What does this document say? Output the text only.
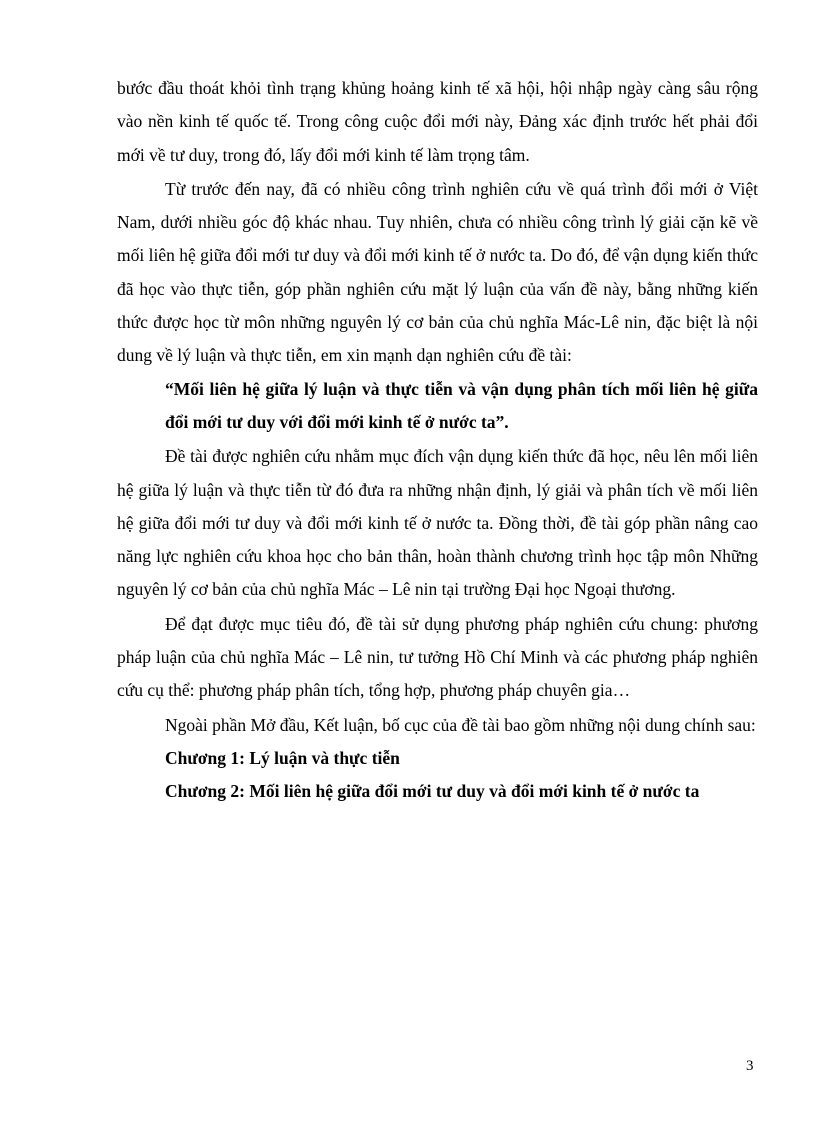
bước đầu thoát khỏi tình trạng khủng hoảng kinh tế xã hội, hội nhập ngày càng sâu rộng vào nền kinh tế quốc tế. Trong công cuộc đổi mới này, Đảng xác định trước hết phải đổi mới về tư duy, trong đó, lấy đổi mới kinh tế làm trọng tâm.

Từ trước đến nay, đã có nhiều công trình nghiên cứu về quá trình đổi mới ở Việt Nam, dưới nhiều góc độ khác nhau. Tuy nhiên, chưa có nhiều công trình lý giải cặn kẽ về mối liên hệ giữa đổi mới tư duy và đổi mới kinh tế ở nước ta. Do đó, để vận dụng kiến thức đã học vào thực tiễn, góp phần nghiên cứu mặt lý luận của vấn đề này, bằng những kiến thức được học từ môn những nguyên lý cơ bản của chủ nghĩa Mác-Lê nin, đặc biệt là nội dung về lý luận và thực tiễn, em xin mạnh dạn nghiên cứu đề tài:

“Mối liên hệ giữa lý luận và thực tiễn và vận dụng phân tích mối liên hệ giữa đổi mới tư duy với đổi mới kinh tế ở nước ta”.

Đề tài được nghiên cứu nhằm mục đích vận dụng kiến thức đã học, nêu lên mối liên hệ giữa lý luận và thực tiễn từ đó đưa ra những nhận định, lý giải và phân tích về mối liên hệ giữa đổi mới tư duy và đổi mới kinh tế ở nước ta. Đồng thời, đề tài góp phần nâng cao năng lực nghiên cứu khoa học cho bản thân, hoàn thành chương trình học tập môn Những nguyên lý cơ bản của chủ nghĩa Mác – Lê nin tại trường Đại học Ngoại thương.

Để đạt được mục tiêu đó, đề tài sử dụng phương pháp nghiên cứu chung: phương pháp luận của chủ nghĩa Mác – Lê nin, tư tưởng Hồ Chí Minh và các phương pháp nghiên cứu cụ thể: phương pháp phân tích, tổng hợp, phương pháp chuyên gia…

Ngoài phần Mở đầu, Kết luận, bố cục của đề tài bao gồm những nội dung chính sau:

Chương 1: Lý luận và thực tiễn

Chương 2: Mối liên hệ giữa đổi mới tư duy và đổi mới kinh tế ở nước ta

3
